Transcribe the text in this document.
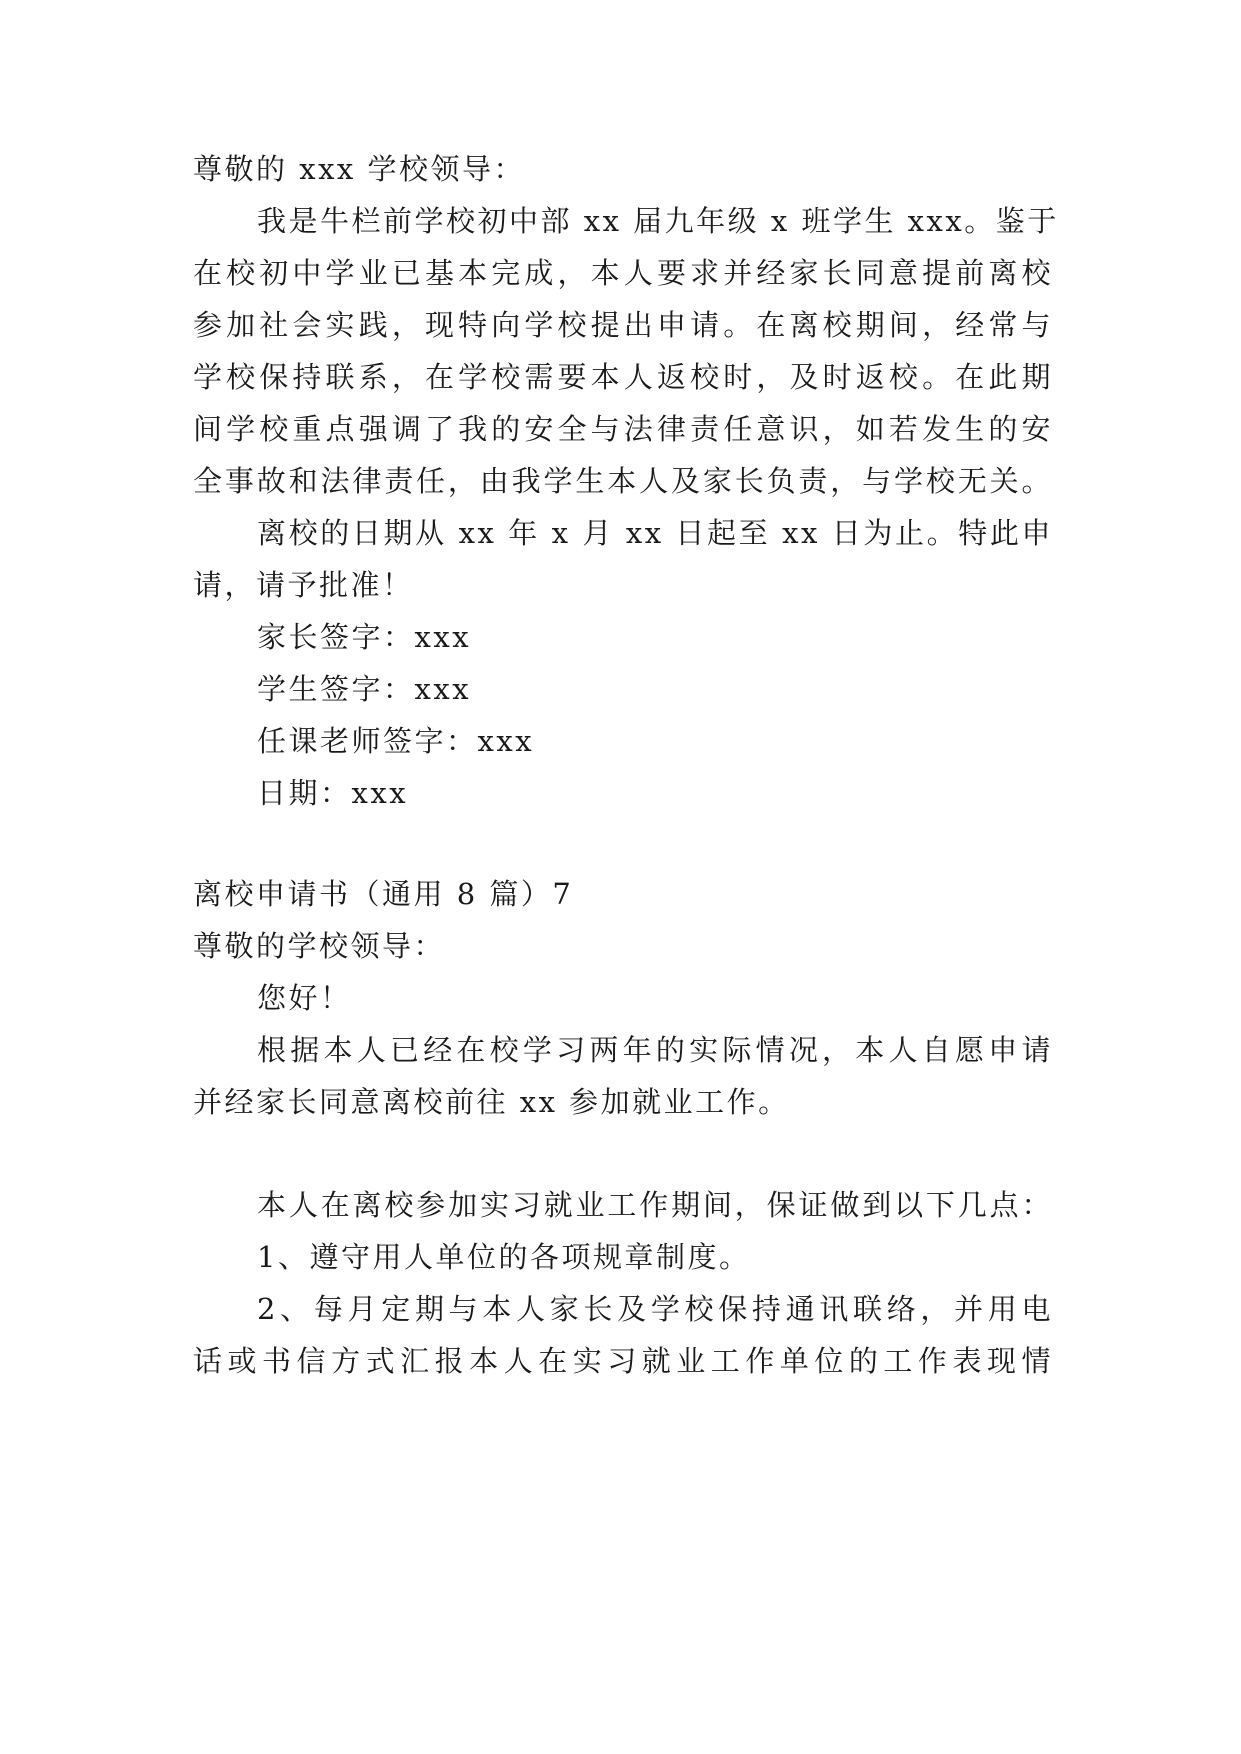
尊敬的 xxx 学校领导：
我是牛栏前学校初中部 xx 届九年级 x 班学生 xxx。鉴于
在校初中学业已基本完成，本人要求并经家长同意提前离校
参加社会实践，现特向学校提出申请。在离校期间，经常与
学校保持联系，在学校需要本人返校时，及时返校。在此期
间学校重点强调了我的安全与法律责任意识，如若发生的安
全事故和法律责任，由我学生本人及家长负责，与学校无关。
离校的日期从 xx 年 x 月 xx 日起至 xx 日为止。特此申
请，请予批准！
家长签字：xxx
学生签字：xxx
任课老师签字：xxx
日期：xxx
离校申请书（通用 8 篇）7
尊敬的学校领导：
您好！
根据本人已经在校学习两年的实际情况，本人自愿申请
并经家长同意离校前往 xx 参加就业工作。
本人在离校参加实习就业工作期间，保证做到以下几点：
1、遵守用人单位的各项规章制度。
2、每月定期与本人家长及学校保持通讯联络，并用电
话或书信方式汇报本人在实习就业工作单位的工作表现情
